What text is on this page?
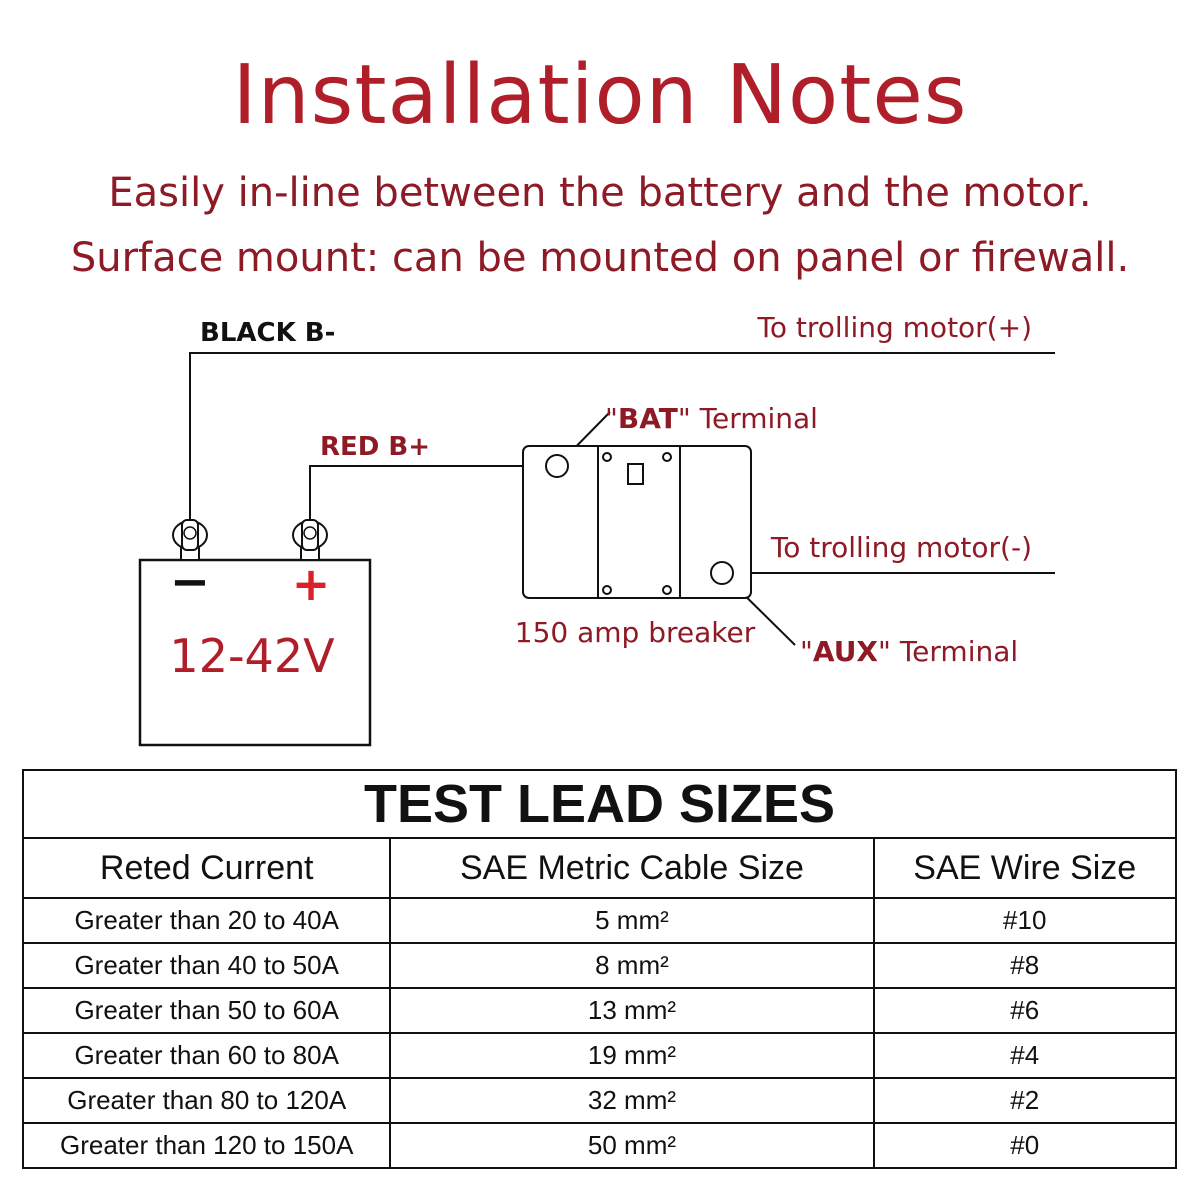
Installation Notes
Easily in-line between the battery and the motor.
Surface mount: can be mounted on panel or firewall.
− +
12-42V
BLACK B-
RED B+
To trolling motor(+)
To trolling motor(-)
150 amp breaker
"BAT" Terminal
"AUX" Terminal
TEST LEAD SIZES		
Reted Current	SAE Metric Cable Size	SAE Wire Size
Greater than 20 to 40A	5 mm²	#10
Greater than 40 to 50A	8 mm²	#8
Greater than 50 to 60A	13 mm²	#6
Greater than 60 to 80A	19 mm²	#4
Greater than 80 to 120A	32 mm²	#2
Greater than 120 to 150A	50 mm²	#0
